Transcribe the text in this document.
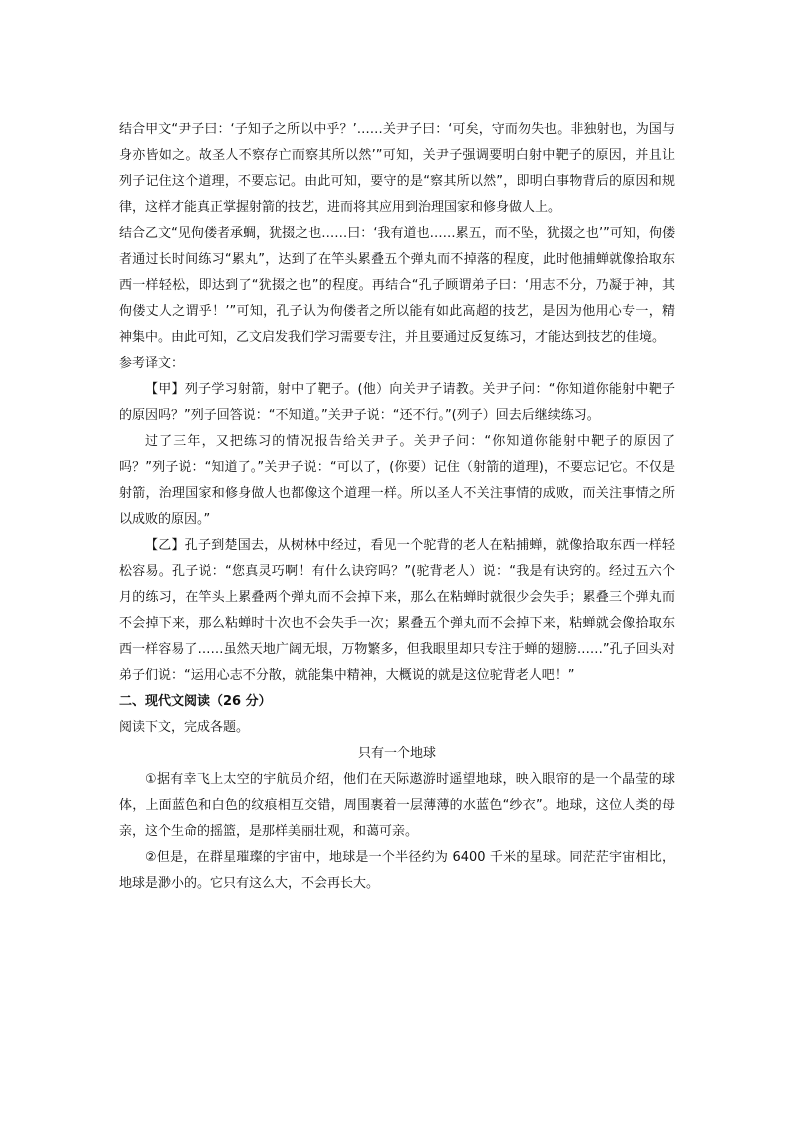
结合甲文“尹子曰：‘子知子之所以中乎？’……关尹子曰：‘可矣，守而勿失也。非独射也，为国与身亦皆如之。故圣人不察存亡而察其所以然’”可知，关尹子强调要明白射中靶子的原因，并且让列子记住这个道理，不要忘记。由此可知，要守的是“察其所以然”，即明白事物背后的原因和规律，这样才能真正掌握射箭的技艺，进而将其应用到治理国家和修身做人上。

结合乙文“见佝偻者承蜩，犹掇之也……曰：‘我有道也……累五，而不坠，犹掇之也’”可知，佝偻者通过长时间练习“累丸”，达到了在竿头累叠五个弹丸而不掉落的程度，此时他捕蝉就像拾取东西一样轻松，即达到了“犹掇之也”的程度。再结合“孔子顾谓弟子曰：‘用志不分，乃凝于神，其佝偻丈人之谓乎！’”可知，孔子认为佝偻者之所以能有如此高超的技艺，是因为他用心专一，精神集中。由此可知，乙文启发我们学习需要专注，并且要通过反复练习，才能达到技艺的佳境。

参考译文：

【甲】列子学习射箭，射中了靶子。(他）向关尹子请教。关尹子问：“你知道你能射中靶子的原因吗？”列子回答说：“不知道。”关尹子说：“还不行。”(列子）回去后继续练习。

过了三年，又把练习的情况报告给关尹子。关尹子问：“你知道你能射中靶子的原因了吗？”列子说：“知道了。”关尹子说：“可以了，(你要）记住（射箭的道理)，不要忘记它。不仅是射箭，治理国家和修身做人也都像这个道理一样。所以圣人不关注事情的成败，而关注事情之所以成败的原因。”

【乙】孔子到楚国去，从树林中经过，看见一个驼背的老人在粘捕蝉，就像拾取东西一样轻松容易。孔子说：“您真灵巧啊！有什么诀窍吗？”(驼背老人）说：“我是有诀窍的。经过五六个月的练习，在竿头上累叠两个弹丸而不会掉下来，那么在粘蝉时就很少会失手；累叠三个弹丸而不会掉下来，那么粘蝉时十次也不会失手一次；累叠五个弹丸而不会掉下来，粘蝉就会像拾取东西一样容易了……虽然天地广阔无垠，万物繁多，但我眼里却只专注于蝉的翅膀……”孔子回头对弟子们说：“运用心志不分散，就能集中精神，大概说的就是这位驼背老人吧！”

二、现代文阅读（26 分）

阅读下文，完成各题。

只有一个地球

①据有幸飞上太空的宇航员介绍，他们在天际遨游时遥望地球，映入眼帘的是一个晶莹的球体，上面蓝色和白色的纹痕相互交错，周围裹着一层薄薄的水蓝色“纱衣”。地球，这位人类的母亲，这个生命的摇篮，是那样美丽壮观，和蔼可亲。

②但是，在群星璀璨的宇宙中，地球是一个半径约为 6400 千米的星球。同茫茫宇宙相比，地球是渺小的。它只有这么大，不会再长大。
